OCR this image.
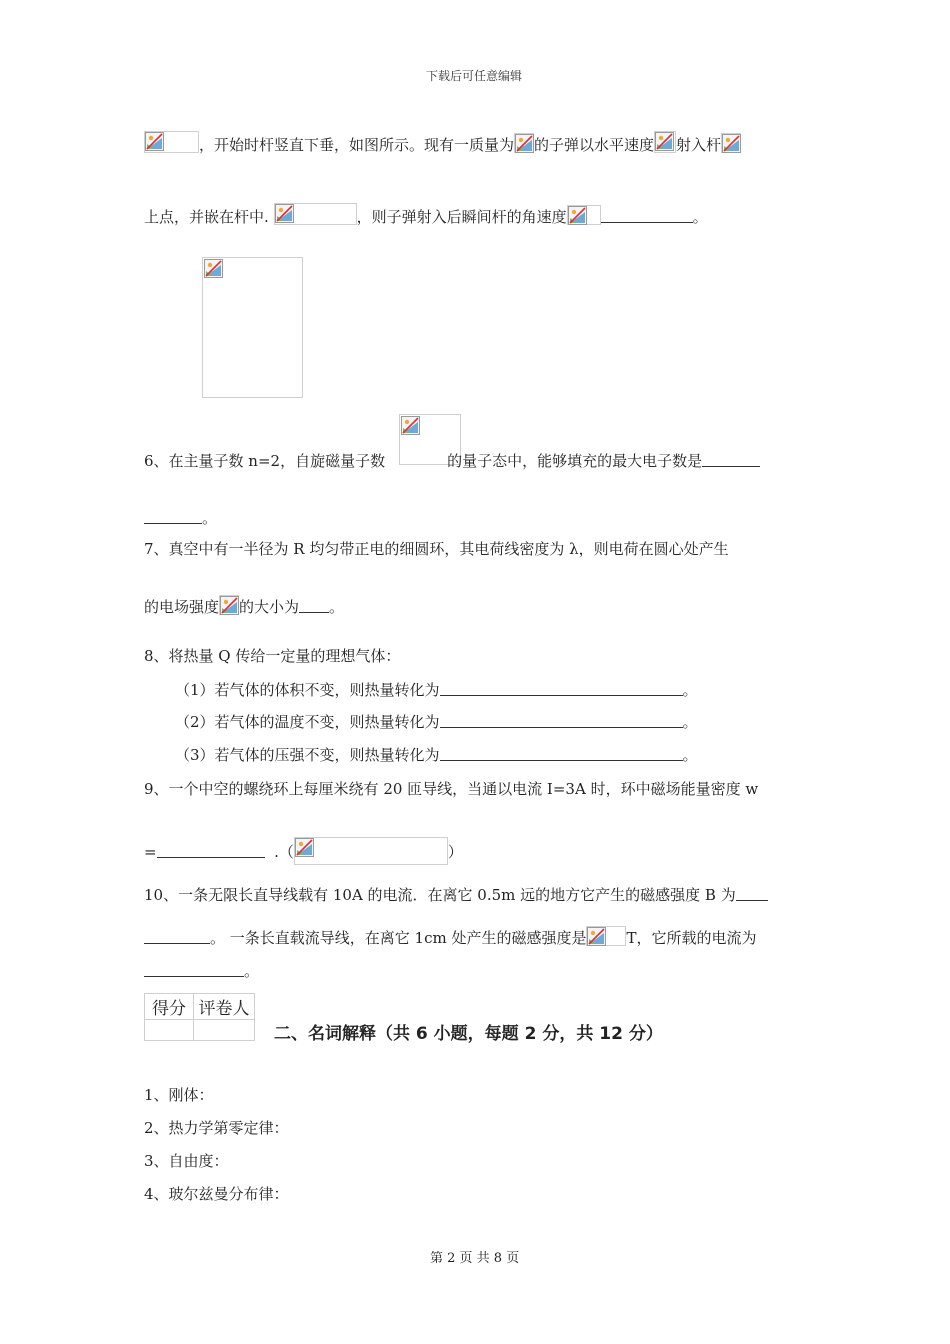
下载后可任意编辑
，开始时杆竖直下垂，如图所示。现有一质量为 的子弹以水平速度 射入杆
上点，并嵌在杆中.	，则子弹射入后瞬间杆的角速度	。
6、在主量子数 n=2，自旋磁量子数	的量子态中，能够填充的最大电子数是
。
7、真空中有一半径为 R 均匀带正电的细圆环，其电荷线密度为 λ，则电荷在圆心处产生
的电场强度 的大小为 。
8、将热量 Q 传给一定量的理想气体：
（1）若气体的体积不变，则热量转化为	。
（2）若气体的温度不变，则热量转化为	。
（3）若气体的压强不变，则热量转化为	。
9、一个中空的螺绕环上每厘米绕有 20 匝导线，当通以电流 I=3A 时，环中磁场能量密度 w
=	.（	）
10、一条无限长直导线载有 10A 的电流．在离它 0.5m 远的地方它产生的磁感强度 B 为
。 一条长直载流导线，在离它 1cm 处产生的磁感强度是	T，它所载的电流为
。
得分	评卷人

二、名词解释（共 6 小题，每题 2 分，共 12 分）
1、刚体：
2、热力学第零定律：
3、自由度：
4、玻尔兹曼分布律：
第 2 页 共 8 页
